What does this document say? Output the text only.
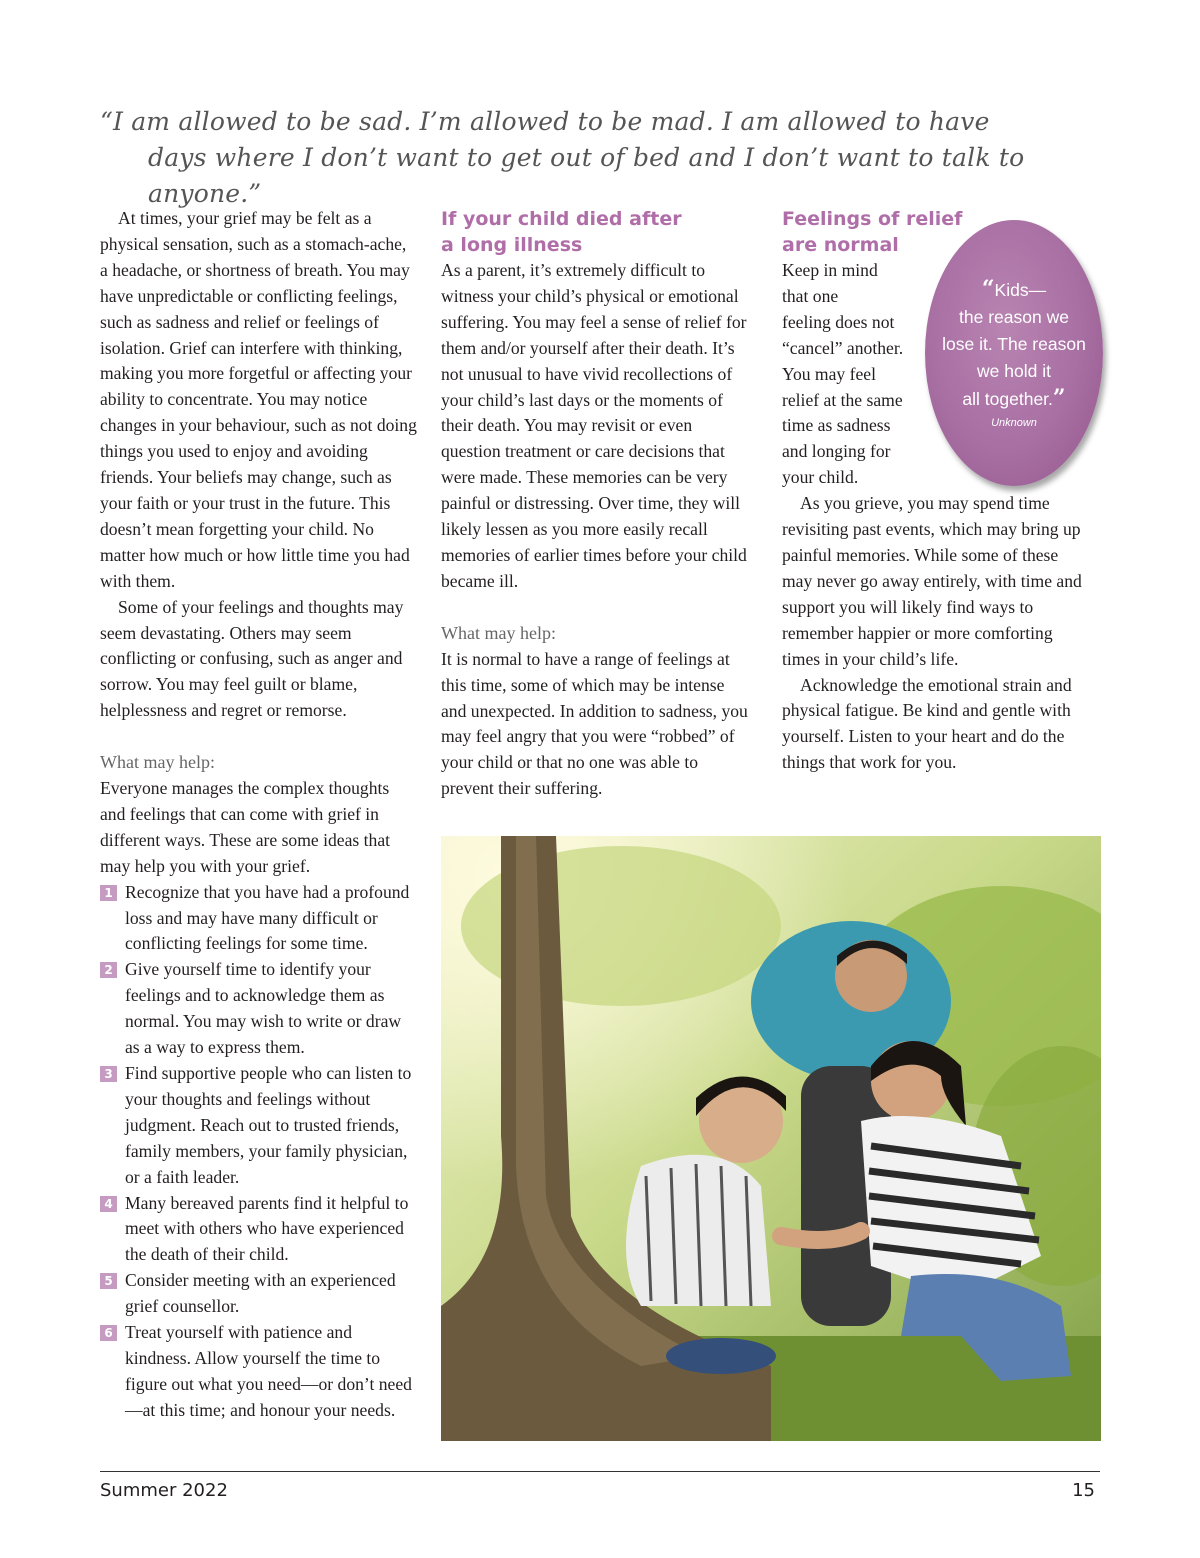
“I am allowed to be sad. I’m allowed to be mad. I am allowed to have
days where I don’t want to get out of bed and I don’t want to talk to anyone.”

At times, your grief may be felt as a physical sensation, such as a stomach-ache, a headache, or shortness of breath. You may have unpredictable or conflicting feelings, such as sadness and relief or feelings of isolation. Grief can interfere with thinking, making you more forgetful or affecting your ability to concentrate. You may notice changes in your behaviour, such as not doing things you used to enjoy and avoiding friends. Your beliefs may change, such as your faith or your trust in the future. This doesn’t mean forgetting your child. No matter how much or how little time you had with them.

Some of your feelings and thoughts may seem devastating. Others may seem conflicting or confusing, such as anger and sorrow. You may feel guilt or blame, helplessness and regret or remorse.

What may help:

Everyone manages the complex thoughts and feelings that can come with grief in different ways. These are some ideas that may help you with your grief.

1 Recognize that you have had a profound loss and may have many difficult or conflicting feelings for some time.
2 Give yourself time to identify your feelings and to acknowledge them as normal. You may wish to write or draw as a way to express them.
3 Find supportive people who can listen to your thoughts and feelings without judgment. Reach out to trusted friends, family members, your family physician, or a faith leader.
4 Many bereaved parents find it helpful to meet with others who have experienced the death of their child.
5 Consider meeting with an experienced grief counsellor.
6 Treat yourself with patience and kindness. Allow yourself the time to figure out what you need—or don’t need—at this time; and honour your needs.

If your child died after
a long illness

As a parent, it’s extremely difficult to witness your child’s physical or emotional suffering. You may feel a sense of relief for them and/or yourself after their death. It’s not unusual to have vivid recollections of your child’s last days or the moments of their death. You may revisit or even question treatment or care decisions that were made. These memories can be very painful or distressing. Over time, they will likely lessen as you more easily recall memories of earlier times before your child became ill.

What may help:

It is normal to have a range of feelings at this time, some of which may be intense and unexpected. In addition to sadness, you may feel angry that you were “robbed” of your child or that no one was able to prevent their suffering.

Feelings of relief
are normal

Keep in mind
that one
feeling does not
“cancel” another.
You may feel
relief at the same
time as sadness
and longing for
your child.

As you grieve, you may spend time revisiting past events, which may bring up painful memories. While some of these may never go away entirely, with time and support you will likely find ways to remember happier or more comforting times in your child’s life.

Acknowledge the emotional strain and physical fatigue. Be kind and gentle with yourself. Listen to your heart and do the things that work for you.

“Kids—
the reason we
lose it. The reason
we hold it
all together.”
Unknown
Summer 2022	15
